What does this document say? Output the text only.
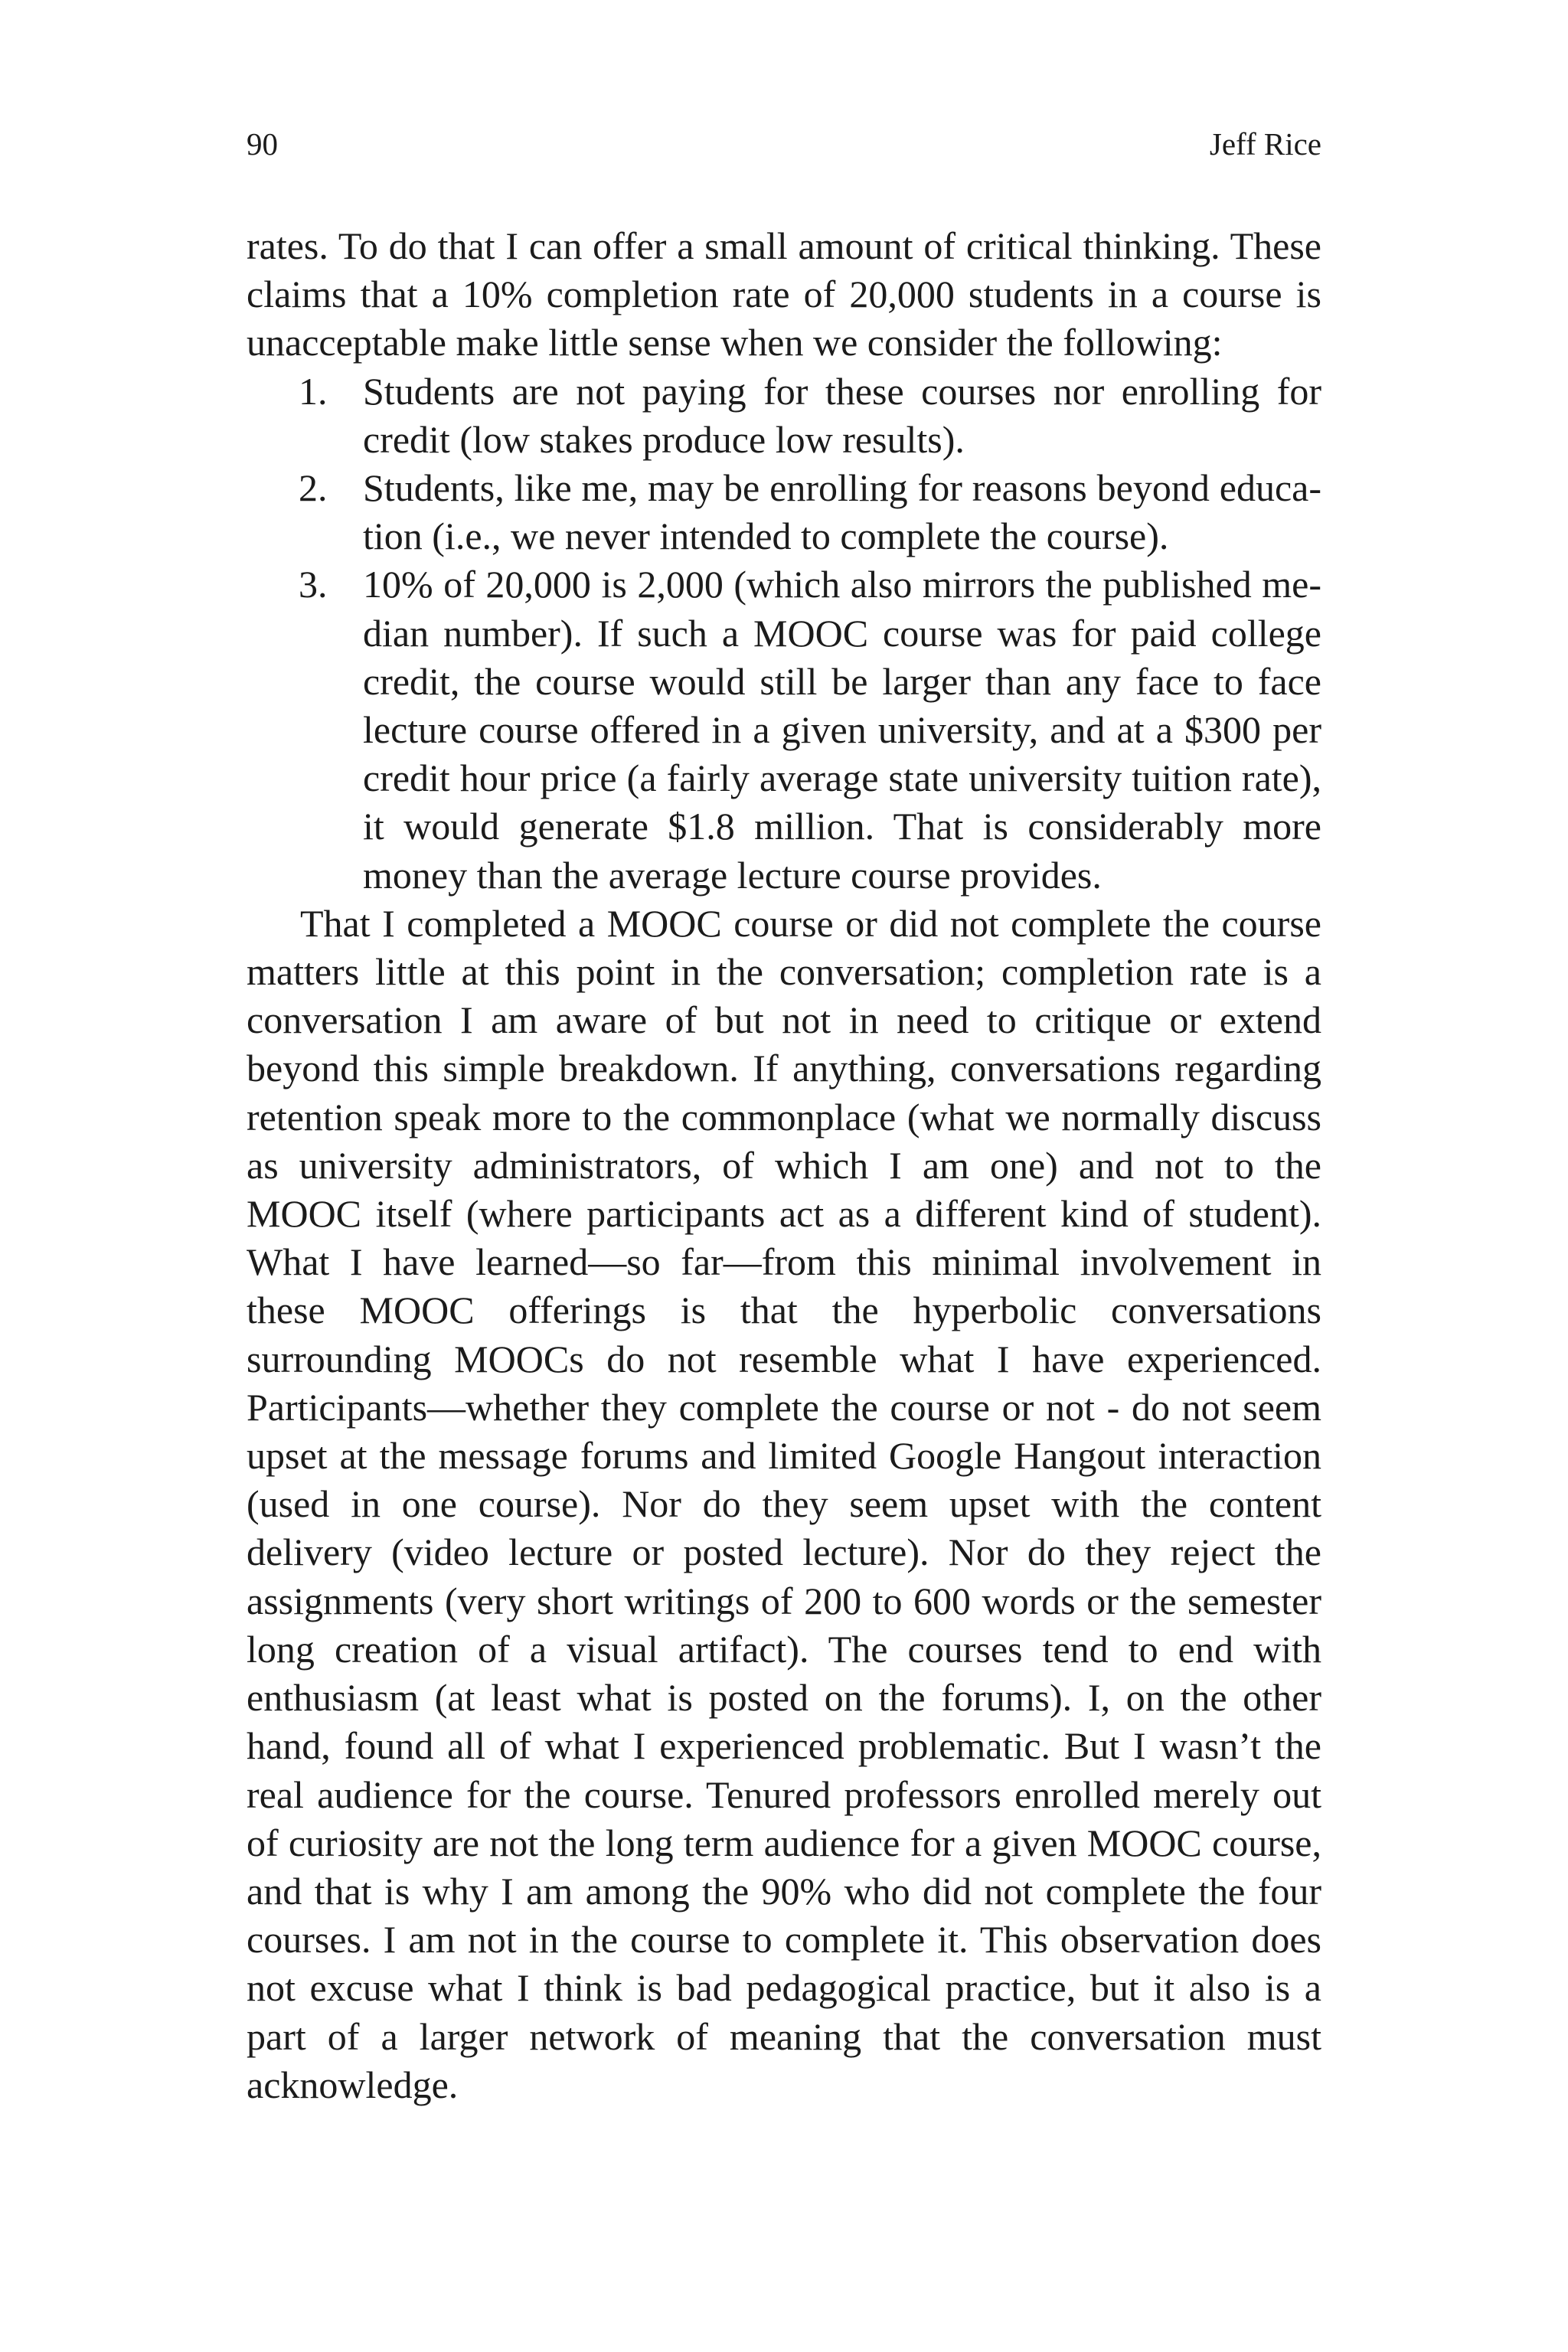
90	Jeff Rice

rates. To do that I can offer a small amount of critical thinking. These claims that a 10% completion rate of 20,000 students in a course is unacceptable make little sense when we consider the following:

1. Students are not paying for these courses nor enrolling for credit (low stakes produce low results).
2. Students, like me, may be enrolling for reasons beyond education (i.e., we never intended to complete the course).
3. 10% of 20,000 is 2,000 (which also mirrors the published median number). If such a MOOC course was for paid college credit, the course would still be larger than any face to face lecture course offered in a given university, and at a $300 per credit hour price (a fairly average state university tuition rate), it would generate $1.8 million. That is considerably more money than the average lecture course provides.

That I completed a MOOC course or did not complete the course matters little at this point in the conversation; completion rate is a conversation I am aware of but not in need to critique or extend beyond this simple breakdown. If anything, conversations regarding retention speak more to the commonplace (what we normally discuss as university administrators, of which I am one) and not to the MOOC itself (where participants act as a different kind of student). What I have learned—so far—from this minimal involvement in these MOOC offerings is that the hyperbolic conversations surrounding MOOCs do not resemble what I have experienced. Participants—whether they complete the course or not - do not seem upset at the message forums and limited Google Hangout interaction (used in one course). Nor do they seem upset with the content delivery (video lecture or posted lecture). Nor do they reject the assignments (very short writings of 200 to 600 words or the semester long creation of a visual artifact). The courses tend to end with enthusiasm (at least what is posted on the forums). I, on the other hand, found all of what I experienced problematic. But I wasn’t the real audience for the course. Tenured professors enrolled merely out of curiosity are not the long term audience for a given MOOC course, and that is why I am among the 90% who did not complete the four courses. I am not in the course to complete it. This observation does not excuse what I think is bad pedagogical practice, but it also is a part of a larger network of meaning that the conversation must acknowledge.
